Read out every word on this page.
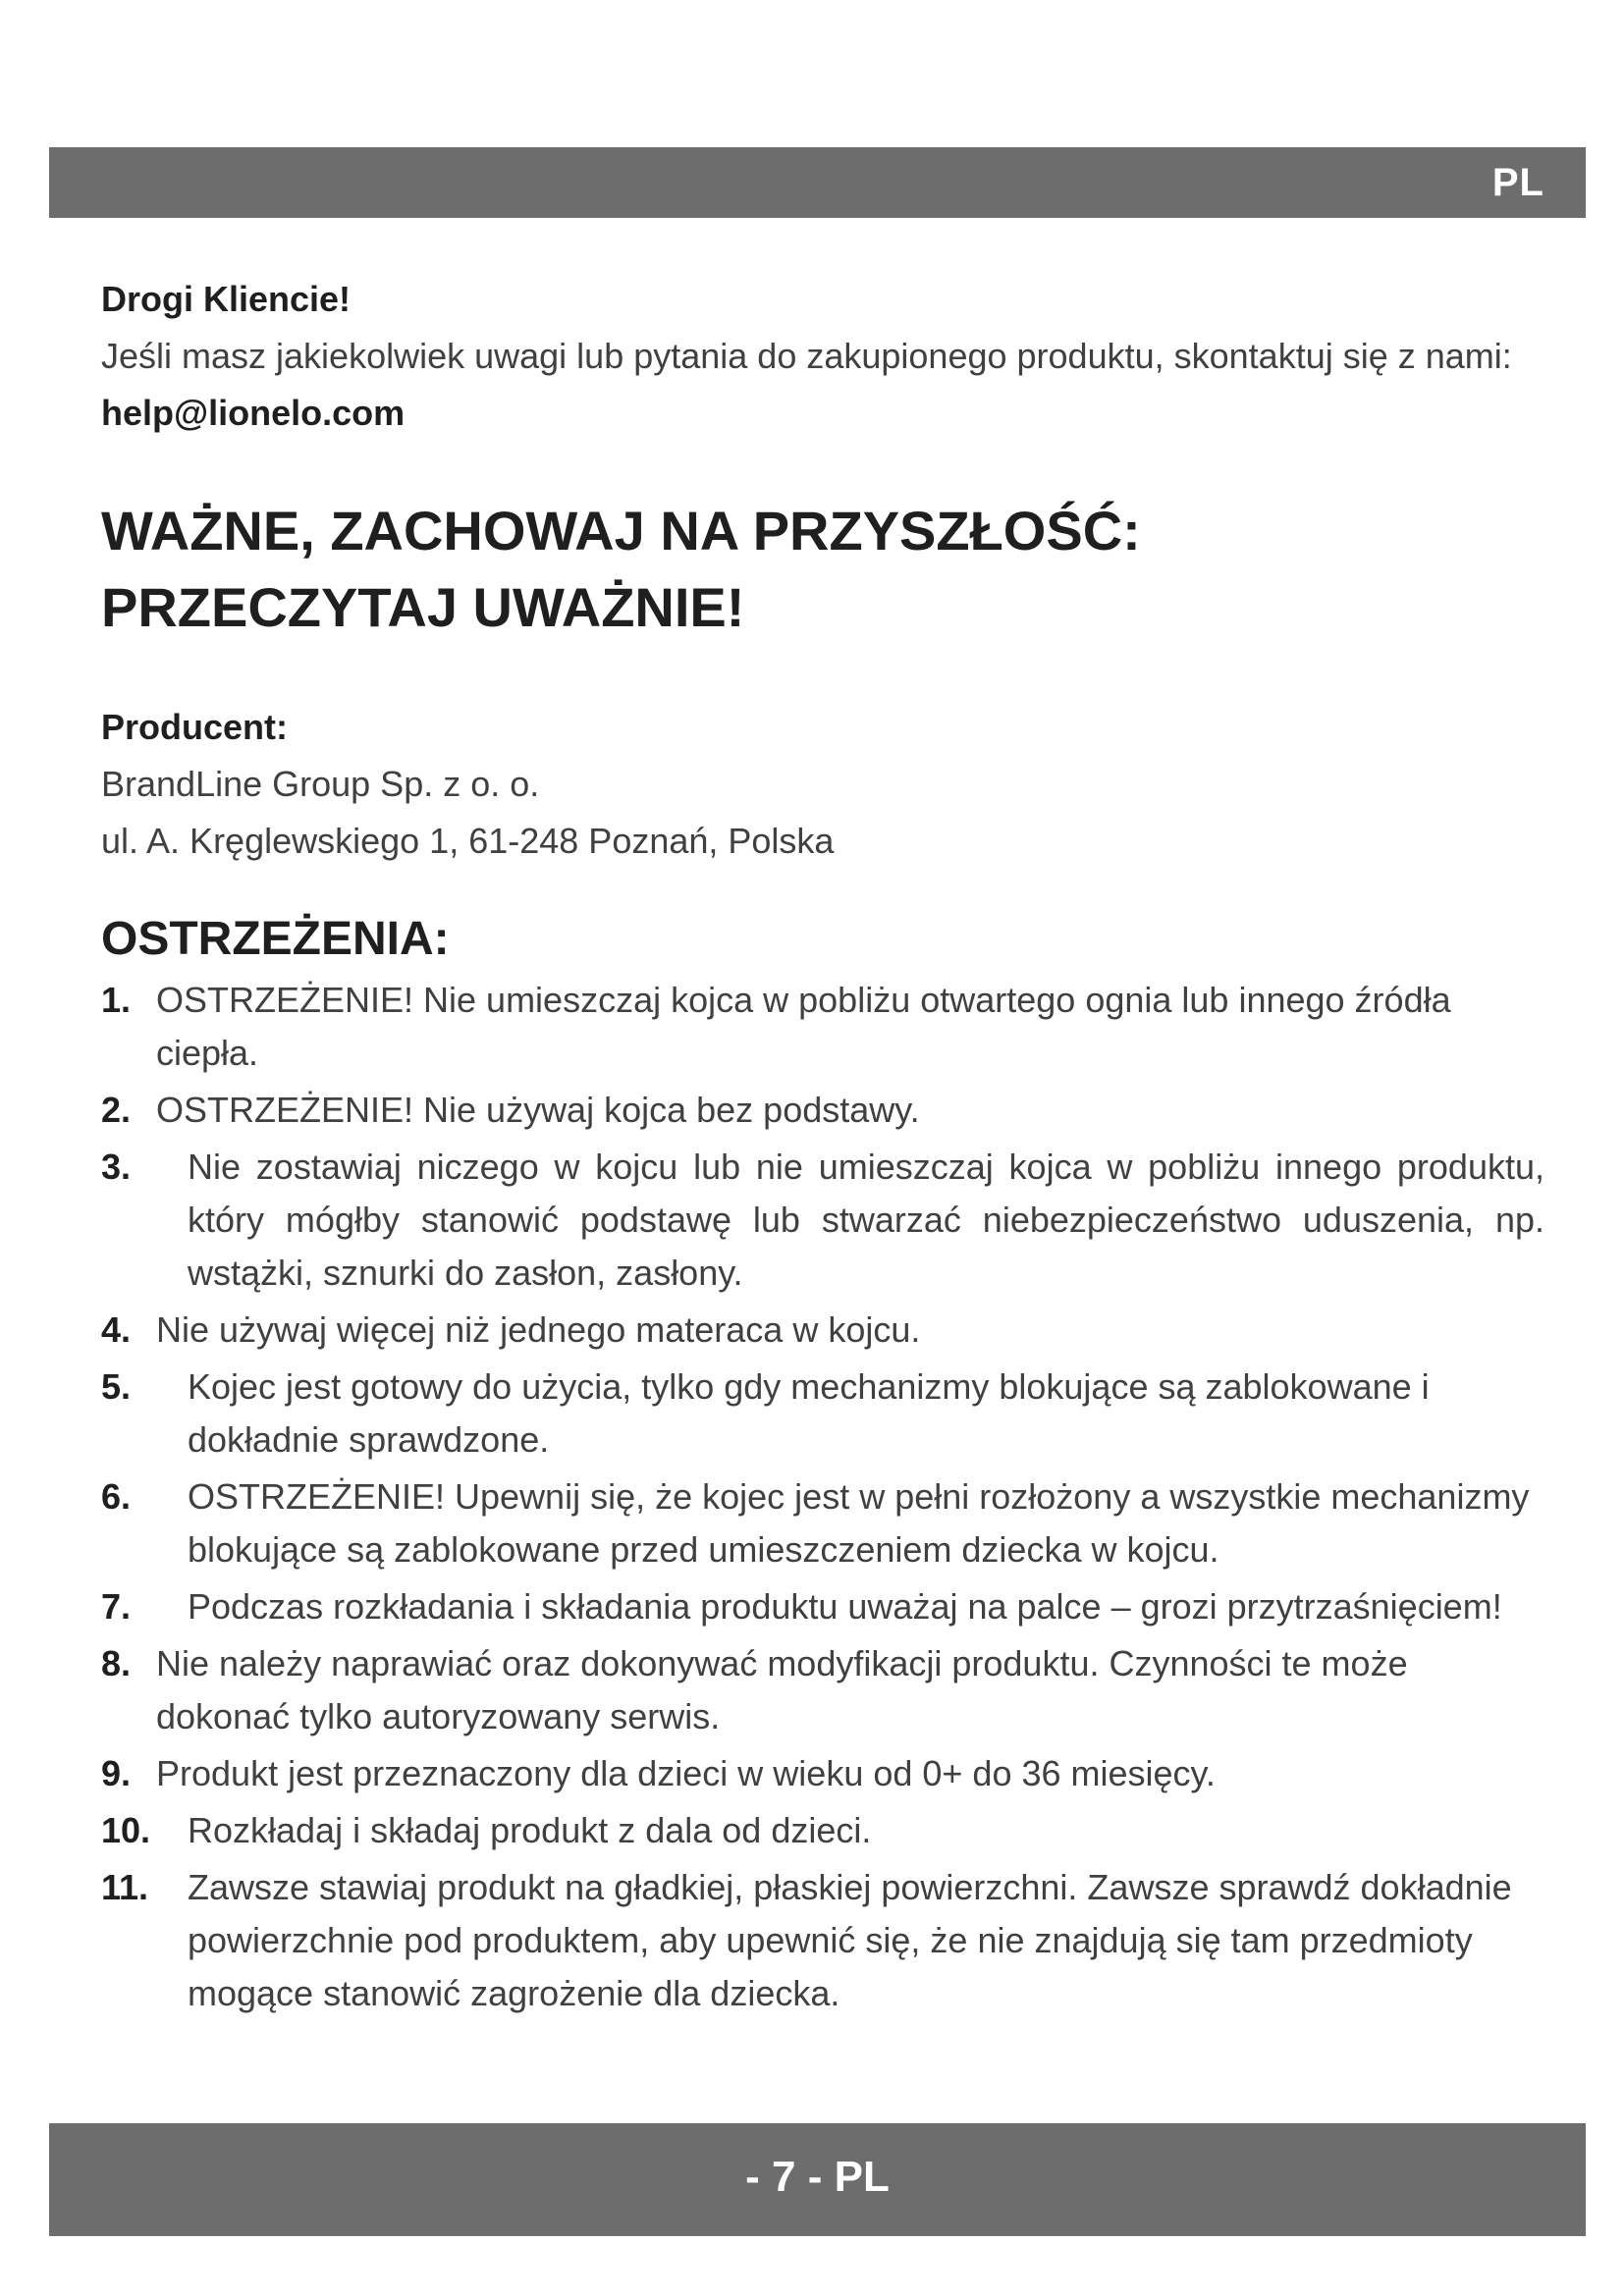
PL
Drogi Kliencie!
Jeśli masz jakiekolwiek uwagi lub pytania do zakupionego produktu, skontaktuj się z nami: help@lionelo.com
WAŻNE, ZACHOWAJ NA PRZYSZŁOŚĆ:
PRZECZYTAJ UWAŻNIE!
Producent:
BrandLine Group Sp. z o. o.
ul. A. Kręglewskiego 1, 61-248 Poznań, Polska
OSTRZEŻENIA:
1. OSTRZEŻENIE! Nie umieszczaj kojca w pobliżu otwartego ognia lub innego źródła ciepła.
2. OSTRZEŻENIE! Nie używaj kojca bez podstawy.
3. Nie zostawiaj niczego w kojcu lub nie umieszczaj kojca w pobliżu innego produktu, który mógłby stanowić podstawę lub stwarzać niebezpieczeństwo uduszenia, np. wstążki, sznurki do zasłon, zasłony.
4. Nie używaj więcej niż jednego materaca w kojcu.
5. Kojec jest gotowy do użycia, tylko gdy mechanizmy blokujące są zablokowane i dokładnie sprawdzone.
6. OSTRZEŻENIE! Upewnij się, że kojec jest w pełni rozłożony a wszystkie mechanizmy blokujące są zablokowane przed umieszczeniem dziecka w kojcu.
7. Podczas rozkładania i składania produktu uważaj na palce – grozi przytrzaśnięciem!
8. Nie należy naprawiać oraz dokonywać modyfikacji produktu. Czynności te może dokonać tylko autoryzowany serwis.
9. Produkt jest przeznaczony dla dzieci w wieku od 0+ do 36 miesięcy.
10. Rozkładaj i składaj produkt z dala od dzieci.
11. Zawsze stawiaj produkt na gładkiej, płaskiej powierzchni. Zawsze sprawdź dokładnie powierzchnie pod produktem, aby upewnić się, że nie znajdują się tam przedmioty mogące stanowić zagrożenie dla dziecka.
- 7 - PL
